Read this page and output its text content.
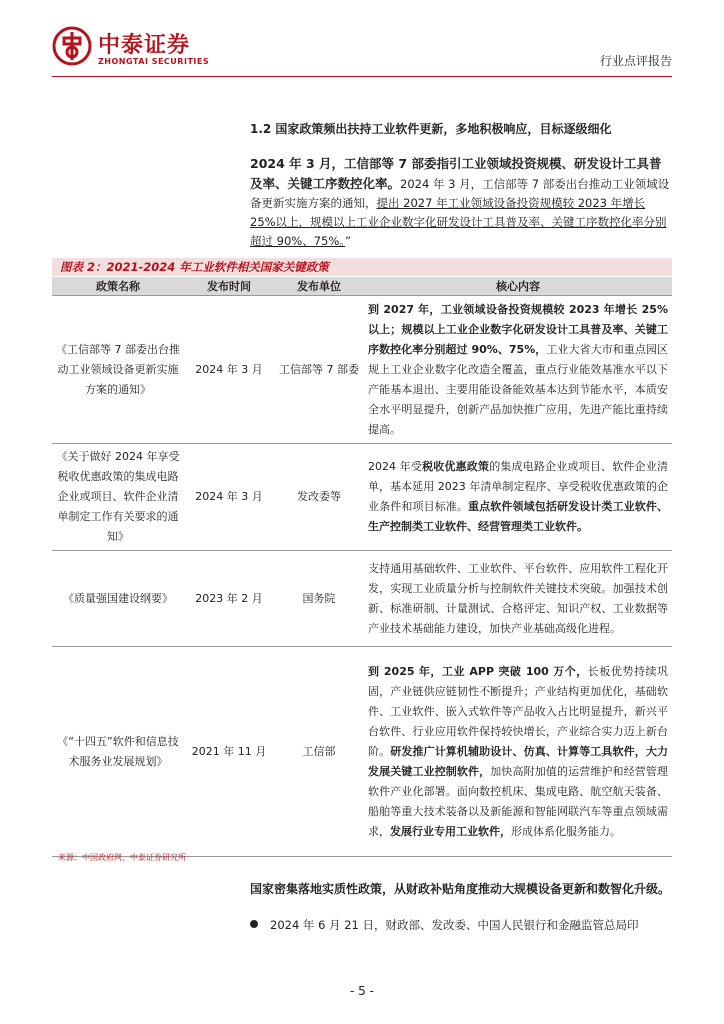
中泰证券
ZHONGTAI SECURITIES	行业点评报告
1.2 国家政策频出扶持工业软件更新，多地积极响应，目标逐级细化
2024 年 3 月，工信部等 7 部委指引工业领域投资规模、研发设计工具普及率、关键工序数控化率。2024 年 3 月，工信部等 7 部委出台推动工业领域设备更新实施方案的通知，提出 2027 年工业领域设备投资规模较 2023 年增长 25%以上，规模以上工业企业数字化研发设计工具普及率、关键工序数控化率分别超过 90%、75%。”
图表 2：2021-2024 年工业软件相关国家关键政策
政策名称	发布时间	发布单位	核心内容
《工信部等 7 部委出台推动工业领域设备更新实施方案的通知》	2024 年 3 月	工信部等 7 部委	到 2027 年，工业领域设备投资规模较 2023 年增长 25%以上；规模以上工业企业数字化研发设计工具普及率、关键工序数控化率分别超过 90%、75%，工业大省大市和重点园区规上工业企业数字化改造全覆盖，重点行业能效基准水平以下产能基本退出、主要用能设备能效基本达到节能水平，本质安全水平明显提升，创新产品加快推广应用，先进产能比重持续提高。
《关于做好 2024 年享受税收优惠政策的集成电路企业或项目、软件企业清单制定工作有关要求的通知》	2024 年 3 月	发改委等	2024 年受税收优惠政策的集成电路企业或项目、软件企业清单，基本延用 2023 年清单制定程序、享受税收优惠政策的企业条件和项目标准。重点软件领域包括研发设计类工业软件、生产控制类工业软件、经营管理类工业软件。
《质量强国建设纲要》	2023 年 2 月	国务院	支持通用基础软件、工业软件、平台软件、应用软件工程化开发，实现工业质量分析与控制软件关键技术突破。加强技术创新、标准研制、计量测试、合格评定、知识产权、工业数据等产业技术基础能力建设，加快产业基础高级化进程。
《“十四五”软件和信息技术服务业发展规划》	2021 年 11 月	工信部	到 2025 年，工业 APP 突破 100 万个，长板优势持续巩固，产业链供应链韧性不断提升；产业结构更加优化，基础软件、工业软件、嵌入式软件等产品收入占比明显提升，新兴平台软件、行业应用软件保持较快增长，产业综合实力迈上新台阶。研发推广计算机辅助设计、仿真、计算等工具软件，大力发展关键工业控制软件，加快高附加值的运营维护和经营管理软件产业化部署。面向数控机床、集成电路、航空航天装备、船舶等重大技术装备以及新能源和智能网联汽车等重点领域需求，发展行业专用工业软件，形成体系化服务能力。
来源：中国政府网、中泰证券研究所
国家密集落地实质性政策，从财政补贴角度推动大规模设备更新和数智化升级。
2024 年 6 月 21 日，财政部、发改委、中国人民银行和金融监管总局印
- 5 -
